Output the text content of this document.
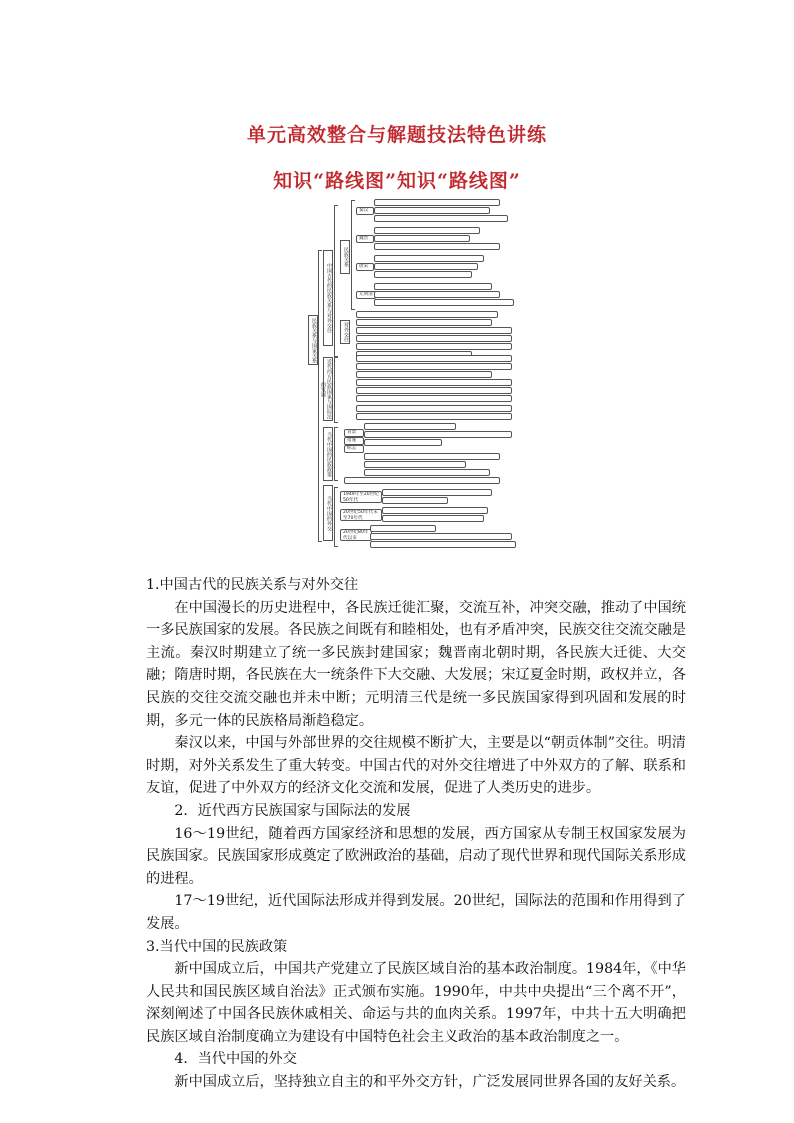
单元高效整合与解题技法特色讲练
知识“路线图”知识“路线图”
民族关系与国家关系
中国古代的民族关系与对外交往
近代西方民族国家与国际法的发展
当代中国的民族政策
当代中国的外交
民族关系
对外交往
秦汉
魏晋
唐宋
元明清
背景
措施
标志
1949年至20世纪50年代
20世纪50年代末至70年代
20世纪80年代以来

1.中国古代的民族关系与对外交往

在中国漫长的历史进程中，各民族迁徙汇聚，交流互补，冲突交融，推动了中国统一多民族国家的发展。各民族之间既有和睦相处，也有矛盾冲突，民族交往交流交融是主流。秦汉时期建立了统一多民族封建国家；魏晋南北朝时期，各民族大迁徙、大交融；隋唐时期，各民族在大一统条件下大交融、大发展；宋辽夏金时期，政权并立，各民族的交往交流交融也并未中断；元明清三代是统一多民族国家得到巩固和发展的时期，多元一体的民族格局渐趋稳定。

秦汉以来，中国与外部世界的交往规模不断扩大，主要是以“朝贡体制”交往。明清时期，对外关系发生了重大转变。中国古代的对外交往增进了中外双方的了解、联系和友谊，促进了中外双方的经济文化交流和发展，促进了人类历史的进步。

2．近代西方民族国家与国际法的发展

16～19世纪，随着西方国家经济和思想的发展，西方国家从专制王权国家发展为民族国家。民族国家形成奠定了欧洲政治的基础，启动了现代世界和现代国际关系形成的进程。

17～19世纪，近代国际法形成并得到发展。20世纪，国际法的范围和作用得到了发展。

3.当代中国的民族政策

新中国成立后，中国共产党建立了民族区域自治的基本政治制度。1984年，《中华人民共和国民族区域自治法》正式颁布实施。1990年，中共中央提出“三个离不开”，深刻阐述了中国各民族休戚相关、命运与共的血肉关系。1997年，中共十五大明确把民族区域自治制度确立为建设有中国特色社会主义政治的基本政治制度之一。

4．当代中国的外交

新中国成立后，坚持独立自主的和平外交方针，广泛发展同世界各国的友好关系。
